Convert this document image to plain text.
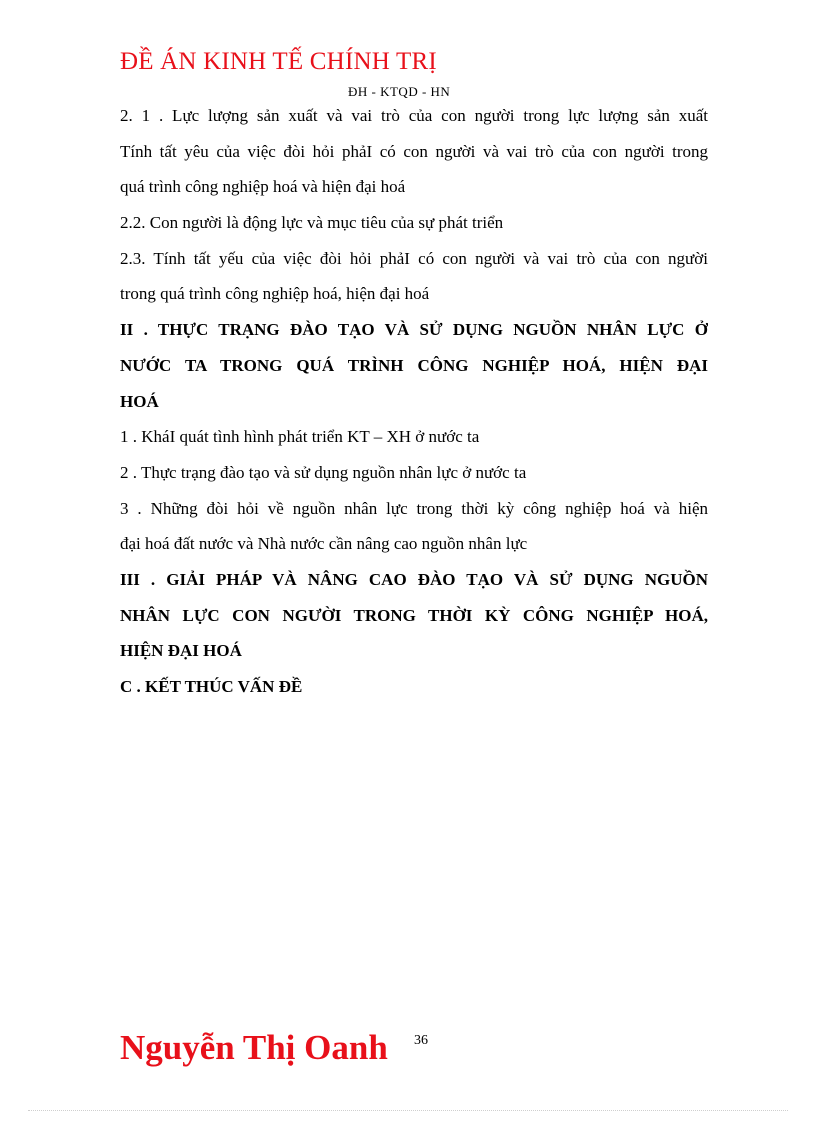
ĐỀ ÁN KINH TẾ CHÍNH TRỊ
ĐH - KTQD - HN
2. 1 . Lực lượng sản xuất và vai trò của con người trong lực lượng sản xuất
Tính tất yêu của việc đòi hỏi phảI có con người và vai trò của con người trong
quá trình công nghiệp hoá và hiện đại hoá
2.2. Con người là động lực và mục tiêu của sự phát triển
2.3. Tính tất yếu của việc đòi hỏi phảI có con người và vai trò của con người
trong quá trình công nghiệp hoá, hiện đại hoá
II . THỰC TRẠNG ĐÀO TẠO VÀ SỬ DỤNG NGUỒN NHÂN LỰC Ở
NƯỚC TA TRONG QUÁ TRÌNH CÔNG NGHIỆP HOÁ, HIỆN ĐẠI
HOÁ
1 . KháI quát tình hình phát triển KT – XH ở nước ta
2 . Thực trạng đào tạo và sử dụng nguồn nhân lực ở nước ta
3 . Những đòi hỏi về nguồn nhân lực trong thời kỳ công nghiệp hoá và hiện
đại hoá đất nước và Nhà nước cần nâng cao nguồn nhân lực
III . GIẢI PHÁP VÀ NÂNG CAO ĐÀO TẠO VÀ SỬ DỤNG NGUỒN
NHÂN LỰC CON NGƯỜI TRONG THỜI KỲ CÔNG NGHIỆP HOÁ,
HIỆN ĐẠI HOÁ
C . KẾT THÚC VẤN ĐỀ
Nguyễn Thị Oanh 36
